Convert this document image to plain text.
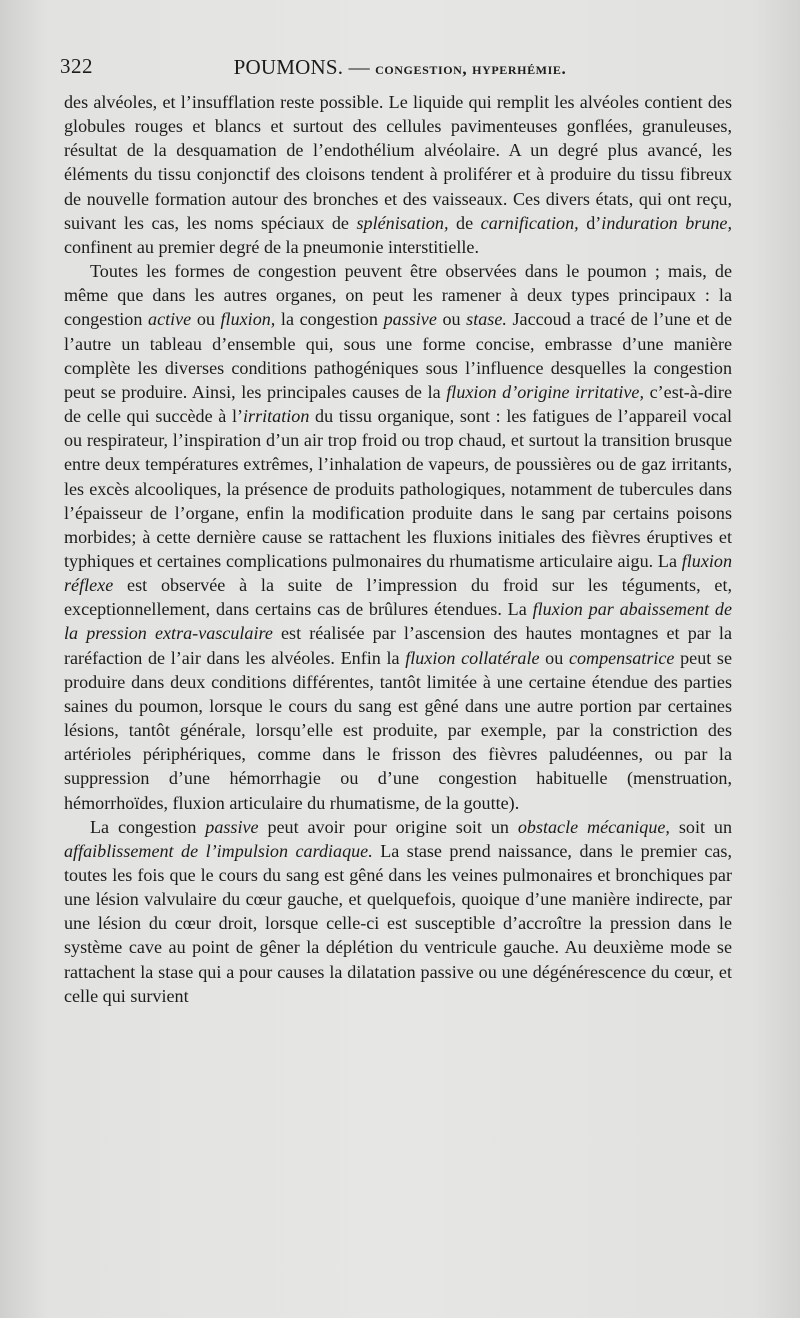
322	POUMONS. — congestion, hyperhémie.

des alvéoles, et l’insufflation reste possible. Le liquide qui remplit les alvéoles contient des globules rouges et blancs et surtout des cellules pavimenteuses gonflées, granuleuses, résultat de la desquamation de l’endothélium alvéolaire. A un degré plus avancé, les éléments du tissu conjonctif des cloisons tendent à proliférer et à produire du tissu fibreux de nouvelle formation autour des bronches et des vaisseaux. Ces divers états, qui ont reçu, suivant les cas, les noms spéciaux de splénisation, de carnification, d’induration brune, confinent au premier degré de la pneumonie interstitielle.

Toutes les formes de congestion peuvent être observées dans le poumon ; mais, de même que dans les autres organes, on peut les ramener à deux types principaux : la congestion active ou fluxion, la congestion passive ou stase. Jaccoud a tracé de l’une et de l’autre un tableau d’ensemble qui, sous une forme concise, embrasse d’une manière complète les diverses conditions pathogéniques sous l’influence desquelles la congestion peut se produire. Ainsi, les principales causes de la fluxion d’origine irritative, c’est-à-dire de celle qui succède à l’irritation du tissu organique, sont : les fatigues de l’appareil vocal ou respirateur, l’inspiration d’un air trop froid ou trop chaud, et surtout la transition brusque entre deux températures extrêmes, l’inhalation de vapeurs, de poussières ou de gaz irritants, les excès alcooliques, la présence de produits pathologiques, notamment de tubercules dans l’épaisseur de l’organe, enfin la modification produite dans le sang par certains poisons morbides; à cette dernière cause se rattachent les fluxions initiales des fièvres éruptives et typhiques et certaines complications pulmonaires du rhumatisme articulaire aigu. La fluxion réflexe est observée à la suite de l’impression du froid sur les téguments, et, exceptionnellement, dans certains cas de brûlures étendues. La fluxion par abaissement de la pression extra-vasculaire est réalisée par l’ascension des hautes montagnes et par la raréfaction de l’air dans les alvéoles. Enfin la fluxion collatérale ou compensatrice peut se produire dans deux conditions différentes, tantôt limitée à une certaine étendue des parties saines du poumon, lorsque le cours du sang est gêné dans une autre portion par certaines lésions, tantôt générale, lorsqu’elle est produite, par exemple, par la constriction des artérioles périphériques, comme dans le frisson des fièvres paludéennes, ou par la suppression d’une hémorrhagie ou d’une congestion habituelle (menstruation, hémorrhoïdes, fluxion articulaire du rhumatisme, de la goutte).

La congestion passive peut avoir pour origine soit un obstacle mécanique, soit un affaiblissement de l’impulsion cardiaque. La stase prend naissance, dans le premier cas, toutes les fois que le cours du sang est gêné dans les veines pulmonaires et bronchiques par une lésion valvulaire du cœur gauche, et quelquefois, quoique d’une manière indirecte, par une lésion du cœur droit, lorsque celle-ci est susceptible d’accroître la pression dans le système cave au point de gêner la déplétion du ventricule gauche. Au deuxième mode se rattachent la stase qui a pour causes la dilatation passive ou une dégénérescence du cœur, et celle qui survient
